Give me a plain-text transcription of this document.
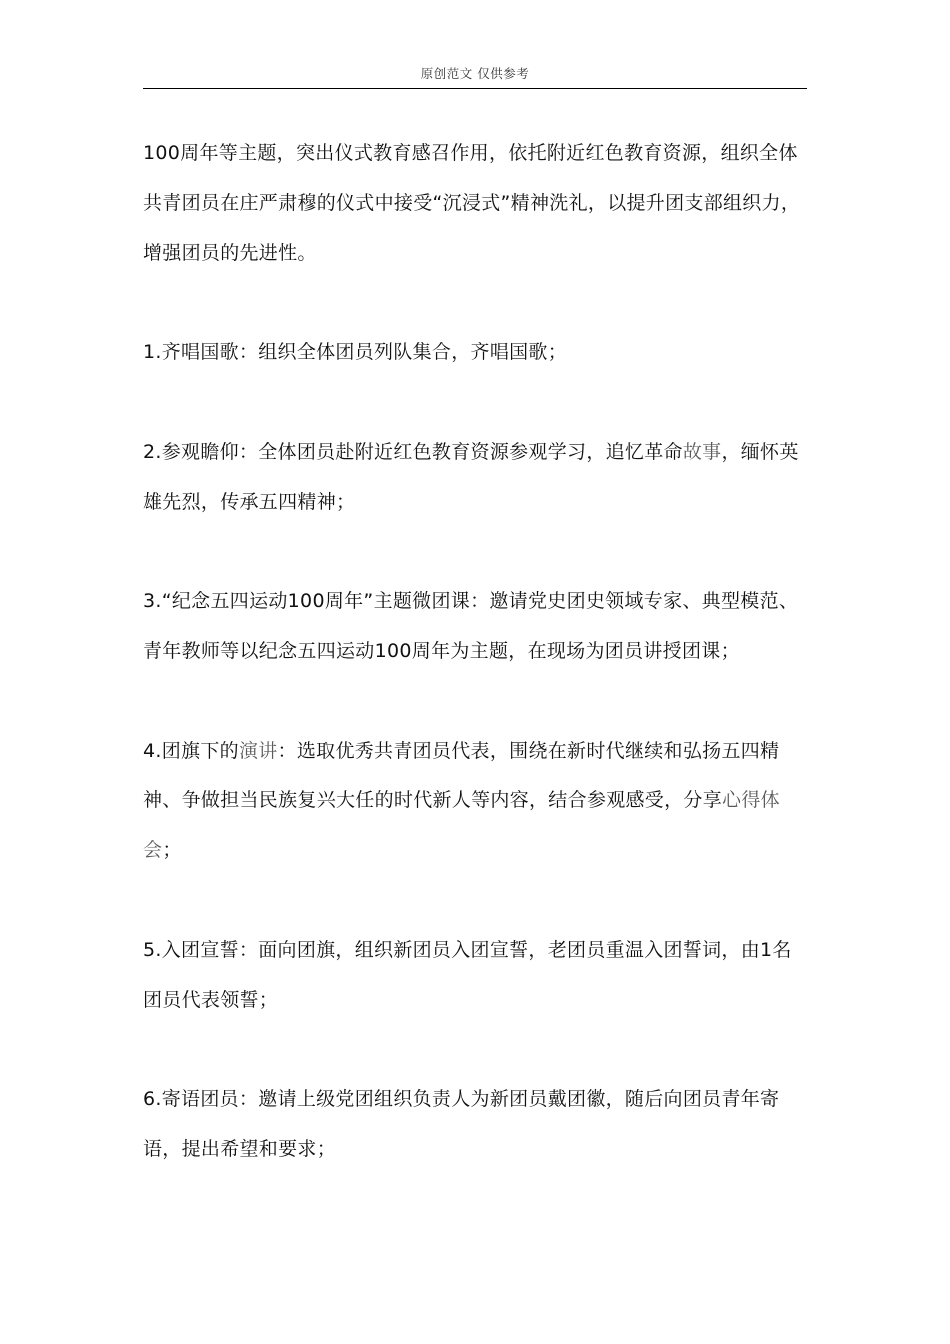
原创范文 仅供参考

100周年等主题，突出仪式教育感召作用，依托附近红色教育资源，组织全体共青团员在庄严肃穆的仪式中接受“沉浸式”精神洗礼，以提升团支部组织力，增强团员的先进性。

1.齐唱国歌：组织全体团员列队集合，齐唱国歌；

2.参观瞻仰：全体团员赴附近红色教育资源参观学习，追忆革命故事，缅怀英雄先烈，传承五四精神；

3.“纪念五四运动100周年”主题微团课：邀请党史团史领域专家、典型模范、青年教师等以纪念五四运动100周年为主题，在现场为团员讲授团课；

4.团旗下的演讲：选取优秀共青团员代表，围绕在新时代继续和弘扬五四精神、争做担当民族复兴大任的时代新人等内容，结合参观感受，分享心得体会；

5.入团宣誓：面向团旗，组织新团员入团宣誓，老团员重温入团誓词，由1名团员代表领誓；

6.寄语团员：邀请上级党团组织负责人为新团员戴团徽，随后向团员青年寄语，提出希望和要求；
